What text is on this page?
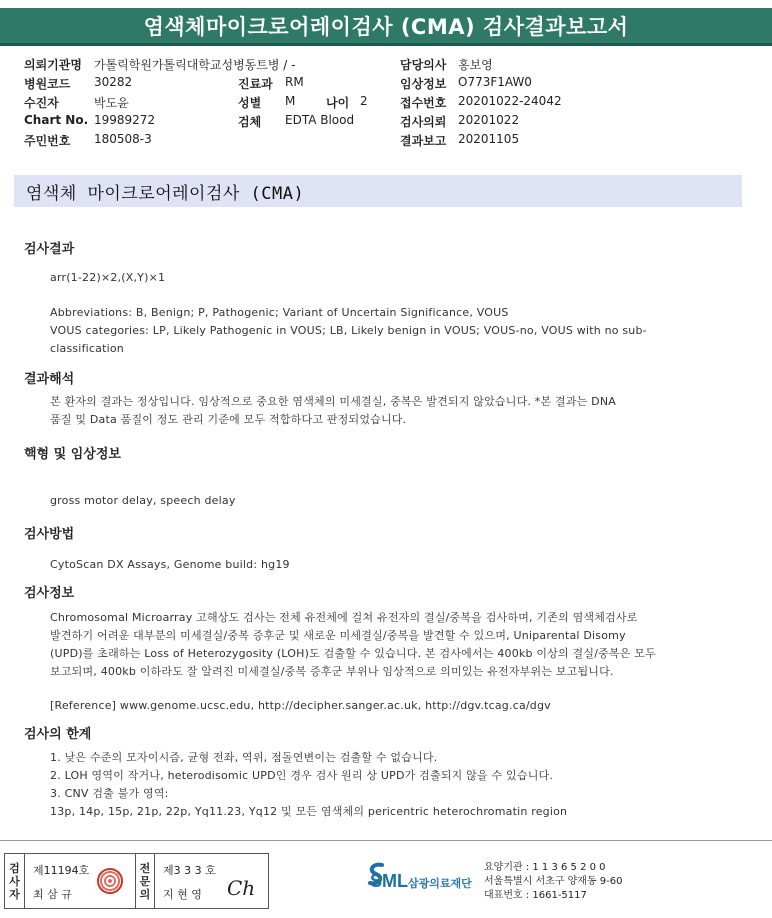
염색체마이크로어레이검사 (CMA) 검사결과보고서
의뢰기관명 가톨릭학원가톨릭대학교성병동트병 / -
병원코드 30282	진료과 RM
수진자	박도윤	성별 M	나이 2
Chart No. 19989272	검체 EDTA Blood
주민번호 180508-3
담당의사 홍보영
임상정보 O773F1AW0
접수번호 20201022-24042
검사의뢰 20201022
결과보고 20201105
염색체 마이크로어레이검사 (CMA)
검사결과
arr(1-22)×2,(X,Y)×1
Abbreviations: B, Benign; P, Pathogenic; Variant of Uncertain Significance, VOUS
VOUS categories: LP, Likely Pathogenic in VOUS; LB, Likely benign in VOUS; VOUS-no, VOUS with no sub-
classification
결과해석
본 환자의 결과는 정상입니다. 임상적으로 중요한 염색체의 미세결실, 중복은 발견되지 않았습니다. *본 결과는 DNA
품질 및 Data 품질이 정도 관리 기준에 모두 적합하다고 판정되었습니다.
핵형 및 임상정보
gross motor delay, speech delay
검사방법
CytoScan DX Assays, Genome build: hg19
검사정보
Chromosomal Microarray 고해상도 검사는 전체 유전체에 걸쳐 유전자의 결실/중복을 검사하며, 기존의 염색체검사로
발견하기 어려운 대부분의 미세결실/중복 증후군 및 새로운 미세결실/중복을 발견할 수 있으며, Uniparental Disomy
(UPD)를 초래하는 Loss of Heterozygosity (LOH)도 검출할 수 있습니다. 본 검사에서는 400kb 이상의 결실/중복은 모두
보고되며, 400kb 이하라도 잘 알려진 미세결실/중복 증후군 부위나 임상적으로 의미있는 유전자부위는 보고됩니다.
[Reference] www.genome.ucsc.edu, http://decipher.sanger.ac.uk, http://dgv.tcag.ca/dgv
검사의 한계
1. 낮은 수준의 모자이시즘, 균형 전좌, 역위, 점돌연변이는 검출할 수 없습니다.
2. LOH 영역이 작거나, heterodisomic UPD인 경우 검사 원리 상 UPD가 검출되지 않을 수 있습니다.
3. CNV 검출 불가 영역:
13p, 14p, 15p, 21p, 22p, Yq11.23, Yq12 및 모든 염색체의 pericentric heterochromatin region
검
사
자
제11194호
최 삼 규
전
문
의
제3 3 3 호
지 현 영 Ch	SML 삼광의료재단
요양기관 : 1 1 3 6 5 2 0 0
서울특별시 서초구 양재동 9-60
대표번호 : 1661-5117
